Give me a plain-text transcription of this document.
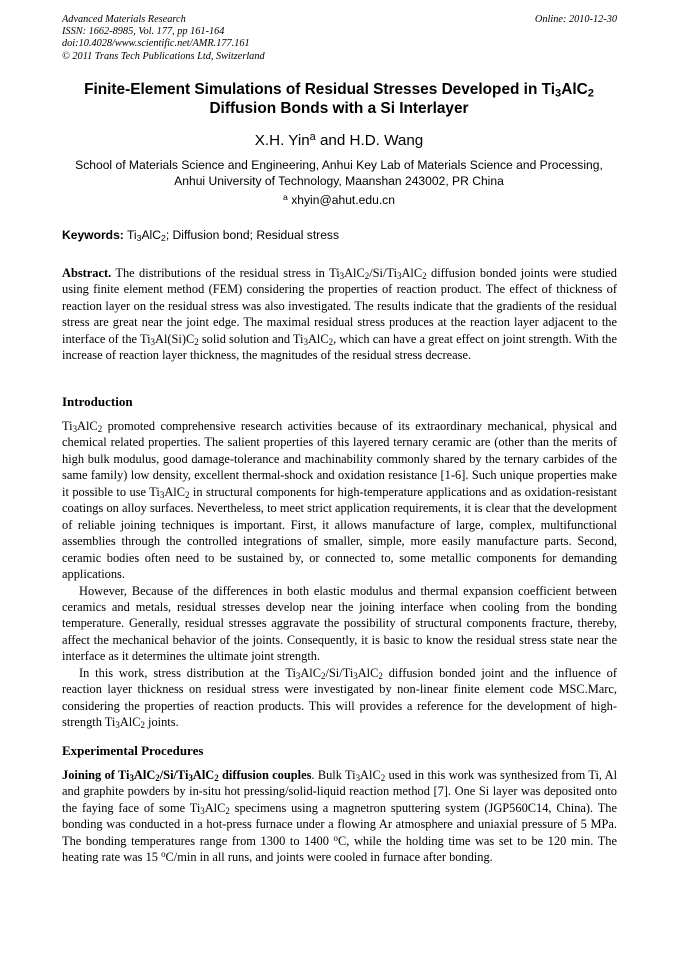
Advanced Materials Research
ISSN: 1662-8985, Vol. 177, pp 161-164
doi:10.4028/www.scientific.net/AMR.177.161
© 2011 Trans Tech Publications Ltd, Switzerland
Online: 2010-12-30
Finite-Element Simulations of Residual Stresses Developed in $Ti_3AlC_2$
Diffusion Bonds with a Si Interlayer
X.H. Yin$^a$ and H.D. Wang
School of Materials Science and Engineering, Anhui Key Lab of Materials Science and Processing,
Anhui University of Technology, Maanshan 243002, PR China
$^a$ xhyin@ahut.edu.cn
Keywords: $Ti_3AlC_2$; Diffusion bond; Residual stress

Abstract. The distributions of the residual stress in $Ti_3AlC_2/Si/Ti_3AlC_2$ diffusion bonded joints were studied using finite element method (FEM) considering the properties of reaction product. The effect of thickness of reaction layer on the residual stress was also investigated. The results indicate that the gradients of the residual stress are great near the joint edge. The maximal residual stress produces at the reaction layer adjacent to the interface of the $Ti_3Al(Si)C_2$ solid solution and $Ti_3AlC_2$, which can have a great effect on joint strength. With the increase of reaction layer thickness, the magnitudes of the residual stress decrease.

Introduction

$Ti_3AlC_2$ promoted comprehensive research activities because of its extraordinary mechanical, physical and chemical related properties. The salient properties of this layered ternary ceramic are (other than the merits of high bulk modulus, good damage-tolerance and machinability commonly shared by the ternary carbides of the same family) low density, excellent thermal-shock and oxidation resistance [1-6]. Such unique properties make it possible to use $Ti_3AlC_2$ in structural components for high-temperature applications and as oxidation-resistant coatings on alloy surfaces. Nevertheless, to meet strict application requirements, it is clear that the development of reliable joining techniques is important. First, it allows manufacture of large, complex, multifunctional assemblies through the controlled integrations of smaller, simple, more easily manufacture parts. Second, ceramic bodies often need to be sustained by, or connected to, some metallic components for demanding applications.

However, Because of the differences in both elastic modulus and thermal expansion coefficient between ceramics and metals, residual stresses develop near the joining interface when cooling from the bonding temperature. Generally, residual stresses aggravate the possibility of structural components fracture, thereby, affect the mechanical behavior of the joints. Consequently, it is basic to know the residual stress state near the interface as it determines the ultimate joint strength.

In this work, stress distribution at the $Ti_3AlC_2/Si/Ti_3AlC_2$ diffusion bonded joint and the influence of reaction layer thickness on residual stress were investigated by non-linear finite element code MSC.Marc, considering the properties of reaction products. This will provides a reference for the development of high-strength $Ti_3AlC_2$ joints.

Experimental Procedures

Joining of $Ti_3AlC_2/Si/Ti_3AlC_2$ diffusion couples. Bulk $Ti_3AlC_2$ used in this work was synthesized from Ti, Al and graphite powders by in-situ hot pressing/solid-liquid reaction method [7]. One Si layer was deposited onto the faying face of some $Ti_3AlC_2$ specimens using a magnetron sputtering system (JGP560C14, China). The bonding was conducted in a hot-press furnace under a flowing Ar atmosphere and uniaxial pressure of 5 MPa. The bonding temperatures range from 1300 to 1400 $^o$C, while the holding time was set to be 120 min. The heating rate was 15 $^o$C/min in all runs, and joints were cooled in furnace after bonding.
